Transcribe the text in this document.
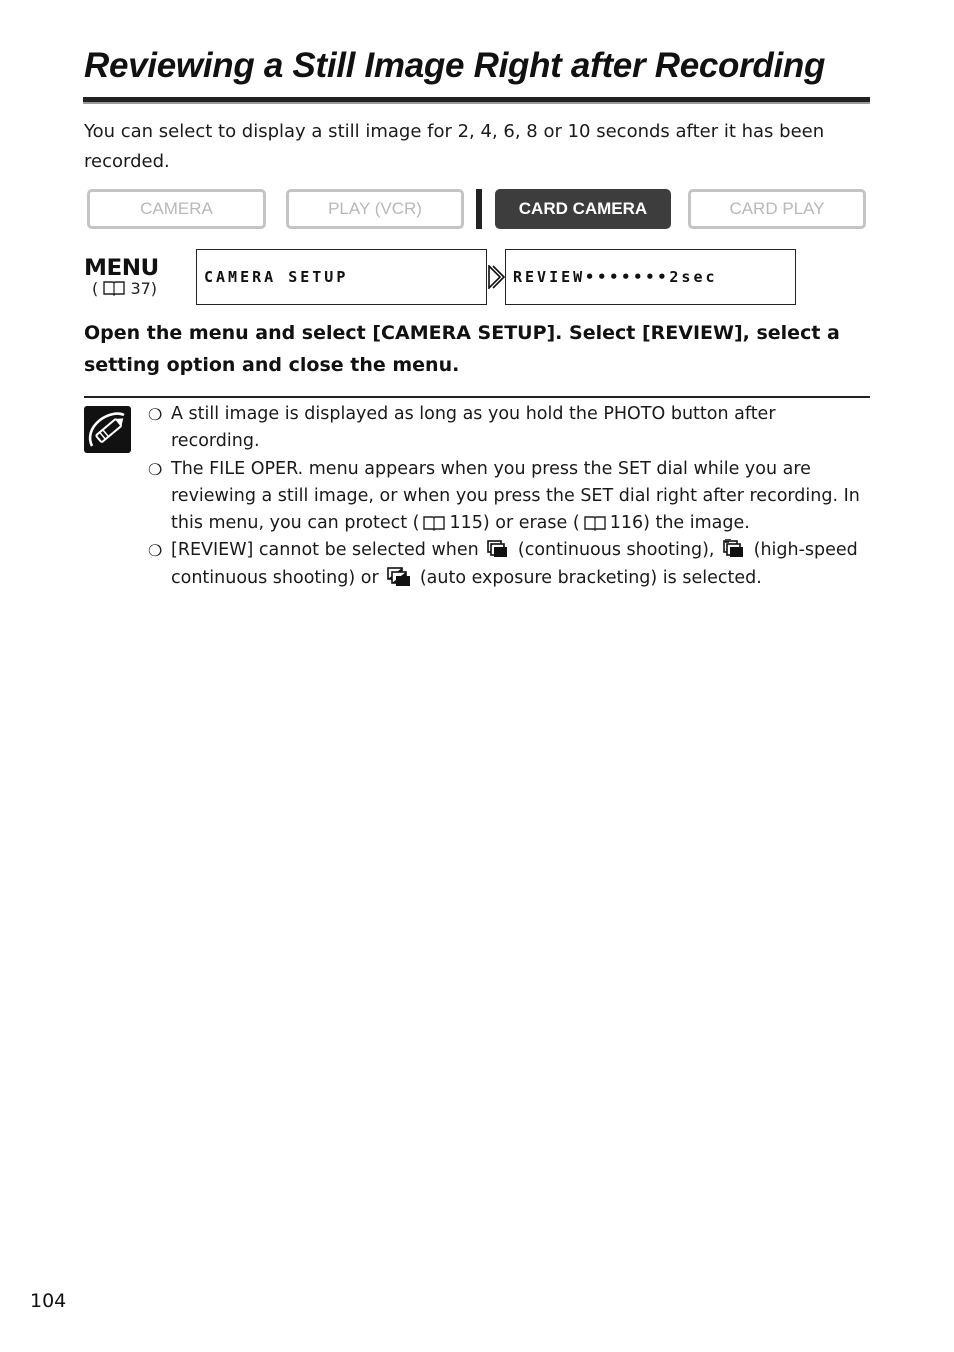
Reviewing a Still Image Right after Recording

You can select to display a still image for 2, 4, 6, 8 or 10 seconds after it has been recorded.

CAMERA	PLAY (VCR)	CARD CAMERA	CARD PLAY
MENU
( 37)
CAMERA SETUP	REVIEW•••••••2sec

Open the menu and select [CAMERA SETUP]. Select [REVIEW], select a setting option and close the menu.

❍ A still image is displayed as long as you hold the PHOTO button after recording.
❍ The FILE OPER. menu appears when you press the SET dial while you are reviewing a still image, or when you press the SET dial right after recording. In this menu, you can protect ( 115) or erase ( 116) the image.
❍ [REVIEW] cannot be selected when (continuous shooting), (high-speed continuous shooting) or (auto exposure bracketing) is selected.
104
